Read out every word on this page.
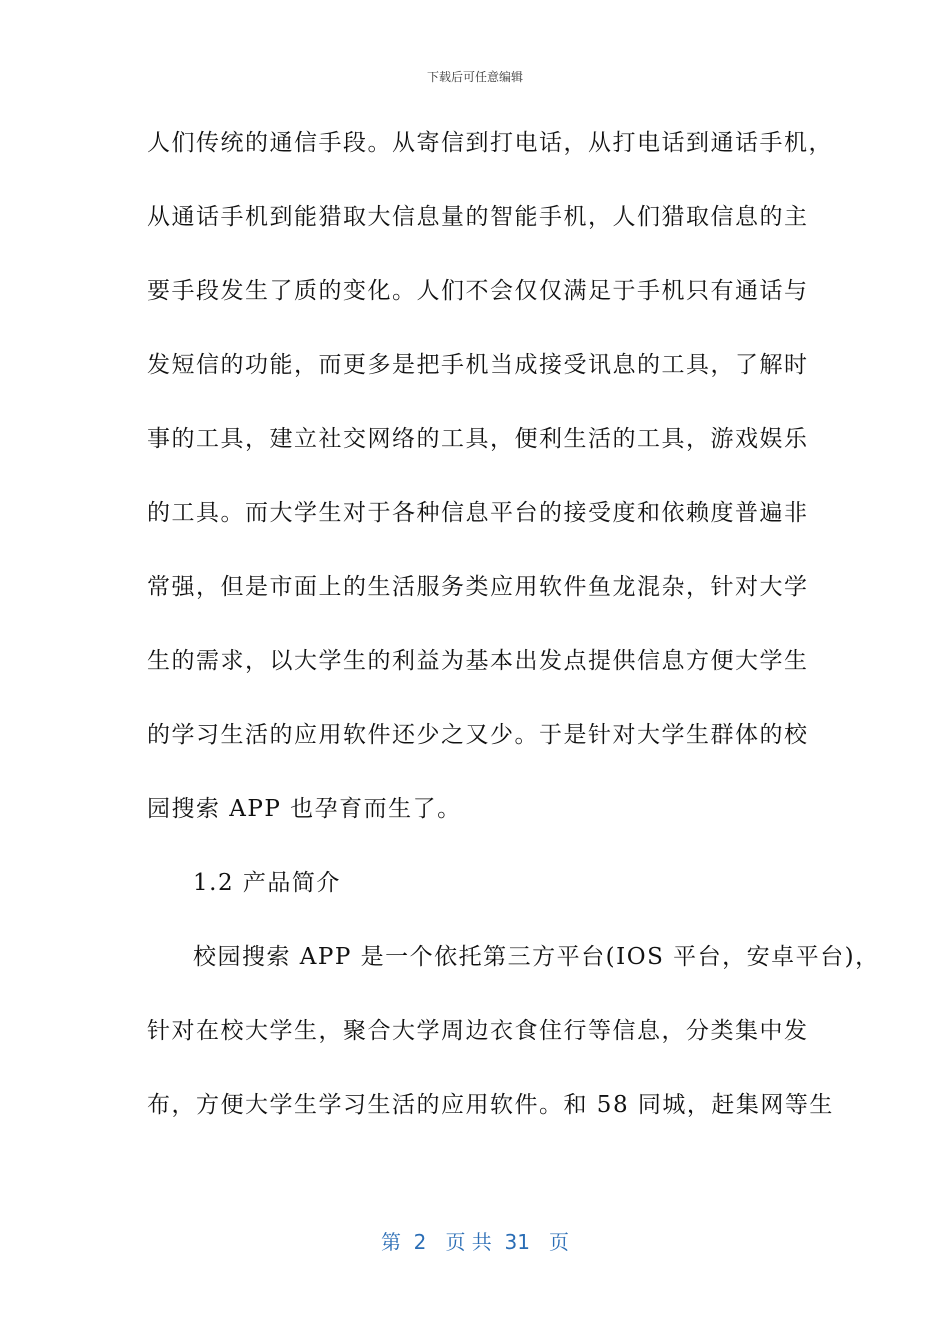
下载后可任意编辑
人们传统的通信手段。从寄信到打电话，从打电话到通话手机，
从通话手机到能猎取大信息量的智能手机，人们猎取信息的主
要手段发生了质的变化。人们不会仅仅满足于手机只有通话与
发短信的功能，而更多是把手机当成接受讯息的工具，了解时
事的工具，建立社交网络的工具，便利生活的工具，游戏娱乐
的工具。而大学生对于各种信息平台的接受度和依赖度普遍非
常强，但是市面上的生活服务类应用软件鱼龙混杂，针对大学
生的需求，以大学生的利益为基本出发点提供信息方便大学生
的学习生活的应用软件还少之又少。于是针对大学生群体的校
园搜索 APP 也孕育而生了。
1.2 产品简介
校园搜索 APP 是一个依托第三方平台(IOS 平台，安卓平台)，
针对在校大学生，聚合大学周边衣食住行等信息，分类集中发
布，方便大学生学习生活的应用软件。和 58 同城，赶集网等生
第  2   页 共  31   页
